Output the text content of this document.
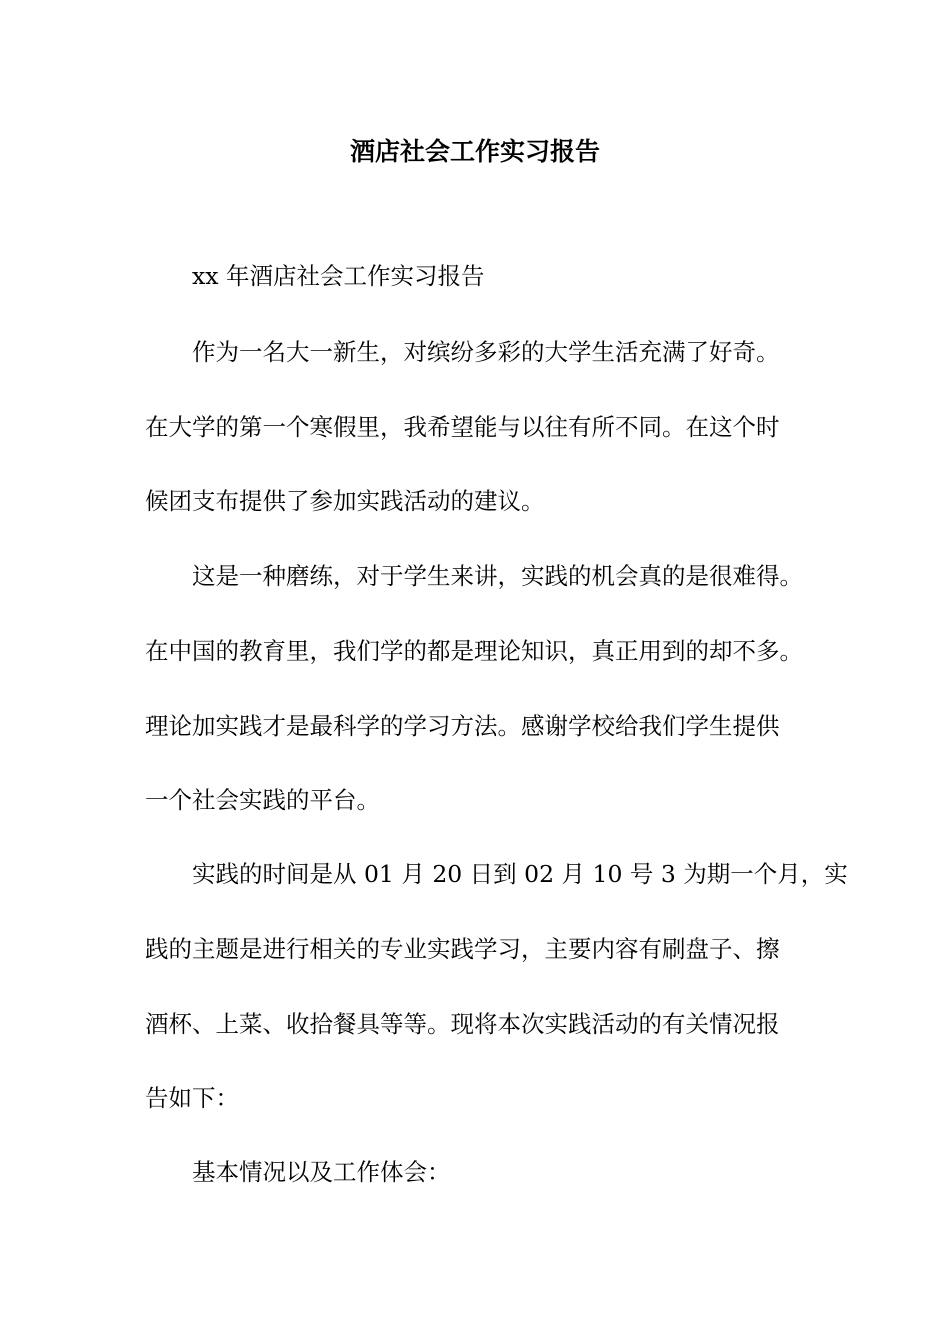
酒店社会工作实习报告
xx 年酒店社会工作实习报告
作为一名大一新生，对缤纷多彩的大学生活充满了好奇。
在大学的第一个寒假里，我希望能与以往有所不同。在这个时
候团支布提供了参加实践活动的建议。
这是一种磨练，对于学生来讲，实践的机会真的是很难得。
在中国的教育里，我们学的都是理论知识，真正用到的却不多。
理论加实践才是最科学的学习方法。感谢学校给我们学生提供
一个社会实践的平台。
实践的时间是从 01 月 20 日到 02 月 10 号 3 为期一个月，实
践的主题是进行相关的专业实践学习，主要内容有刷盘子、擦
酒杯、上菜、收拾餐具等等。现将本次实践活动的有关情况报
告如下：
基本情况以及工作体会：
